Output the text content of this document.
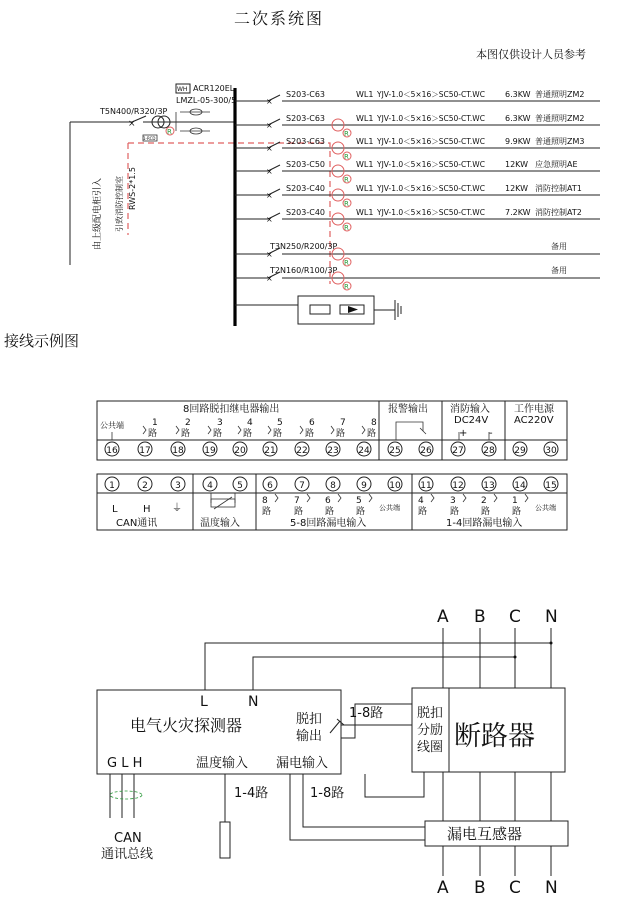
二次系统图
本图仅供设计人员参考
由上级配电柜引入
T5N400/R320/3P
×
WH ACR120EL
LMZL-05-300/5
R
1-RCD
引致消防控制室 RWS-2*1.5
×
S203-C63	WL1 YJV-1.0＜5×16＞SC50-CT.WC	6.3KW 普通照明ZM2
×
S203-C63	WL1 YJV-1.0＜5×16＞SC50-CT.WC	6.3KW 普通照明ZM2
R
×
S203-C63	WL1 YJV-1.0＜5×16＞SC50-CT.WC	9.9KW 普通照明ZM3
R
×
S203-C50	WL1 YJV-1.0＜5×16＞SC50-CT.WC	12KW 应急照明AE
R
×
S203-C40	WL1 YJV-1.0＜5×16＞SC50-CT.WC	12KW 消防控制AT1
R
×
S203-C40	WL1 YJV-1.0＜5×16＞SC50-CT.WC	7.2KW 消防控制AT2
R
×
T3N250/R200/3P	备用
R
×
T2N160/R100/3P	备用
R
接线示例图
8回路脱扣继电器输出	报警输出 消防输入
DC24V
工作电源
AC220V
公共端
+ -
1
路
2
路
3
路
4
路
5
路
6
路
7
路
8
路
16 17 18 19 20 21 22 23 24 25 26 27 28 29 30
L	H ⏚
CAN通讯	温度输入	5-8回路漏电输入	1-4回路漏电输入
公共端	公共端
8
路
7
路
6
路
5
路
4
路
3
路
2
路
1
路
1	2	3	4	5	6	7	8	9 10 11 12 13 14 15
A B C N
L	N
电气火灾探测器	脱扣
输出
G L H	温度输入 漏电输入
脱扣
分励
线圈 断路器
1-8路
漏电互感器
1-8路
1-4路
CAN
通讯总线
A B C N
